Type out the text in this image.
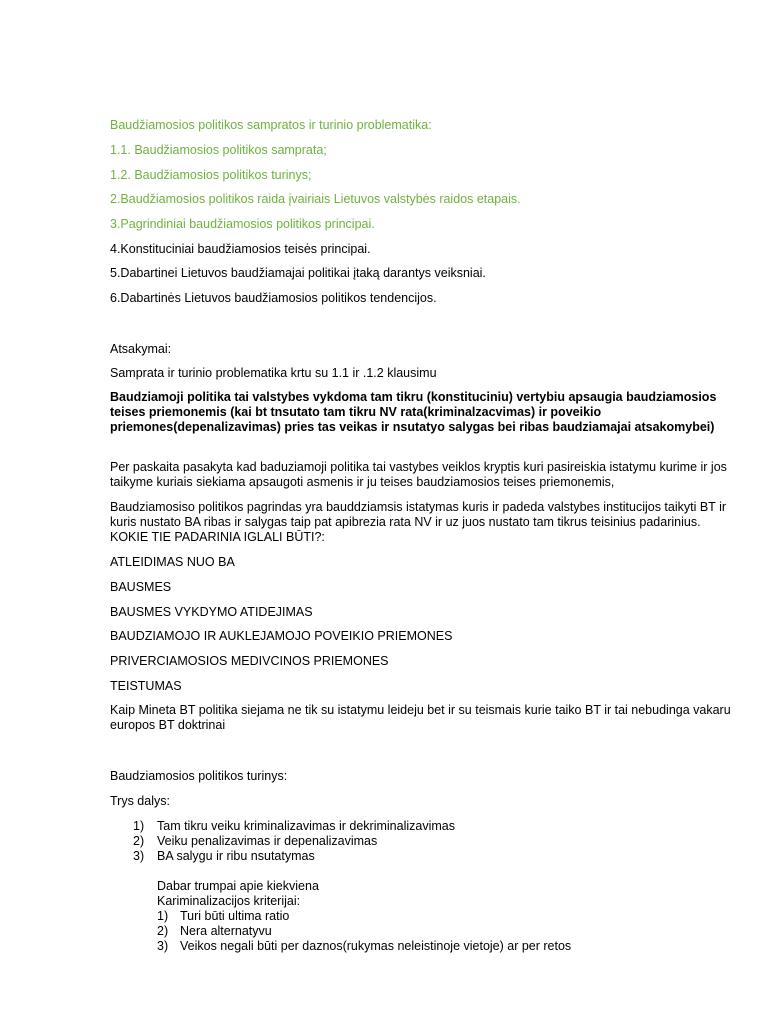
Baudžiamosios politikos sampratos ir turinio problematika:
1.1. Baudžiamosios politikos samprata;
1.2. Baudžiamosios politikos turinys;
2.Baudžiamosios politikos raida įvairiais Lietuvos valstybės raidos etapais.
3.Pagrindiniai baudžiamosios politikos principai.
4.Konstituciniai baudžiamosios teisės principai.
5.Dabartinei Lietuvos baudžiamajai politikai įtaką darantys veiksniai.
6.Dabartinės Lietuvos baudžiamosios politikos tendencijos.
Atsakymai:
Samprata ir turinio problematika krtu su 1.1 ir .1.2 klausimu
Baudziamoji politika tai valstybes vykdoma tam tikru (konstituciniu) vertybiu apsaugia baudziamosios teises priemonemis (kai bt tnsutato tam tikru NV rata(kriminalzacvimas) ir poveikio priemones(depenalizavimas) pries tas veikas ir nsutatyo salygas bei ribas baudziamajai atsakomybei)
Per paskaita pasakyta kad baduziamoji politika tai vastybes veiklos kryptis kuri pasireiskia istatymu kurime ir jos taikyme kuriais siekiama apsaugoti asmenis ir ju teises baudziamosios teises priemonemis,
Baudziamosiso politikos pagrindas yra bauddziamsis istatymas kuris ir padeda valstybes institucijos taikyti BT ir kuris nustato BA ribas ir salygas taip pat apibrezia rata NV ir uz juos nustato tam tikrus teisinius padarinius. KOKIE TIE PADARINIA IGLALI BŪTI?:
ATLEIDIMAS NUO BA
BAUSMES
BAUSMES VYKDYMO ATIDEJIMAS
BAUDZIAMOJO IR AUKLEJAMOJO POVEIKIO PRIEMONES
PRIVERCIAMOSIOS MEDIVCINOS PRIEMONES
TEISTUMAS
Kaip Mineta BT politika siejama ne tik su istatymu leideju bet ir su teismais kurie taiko BT ir tai nebudinga vakaru europos BT doktrinai
Baudziamosios politikos turinys:
Trys dalys:
1) Tam tikru veiku kriminalizavimas ir dekriminalizavimas
2) Veiku penalizavimas ir depenalizavimas
3) BA salygu ir ribu nsutatymas
Dabar trumpai apie kiekviena
Kariminalizacijos kriterijai:
1) Turi būti ultima ratio
2) Nera alternatyvu
3) Veikos negali būti per daznos(rukymas neleistinoje vietoje) ar per retos
